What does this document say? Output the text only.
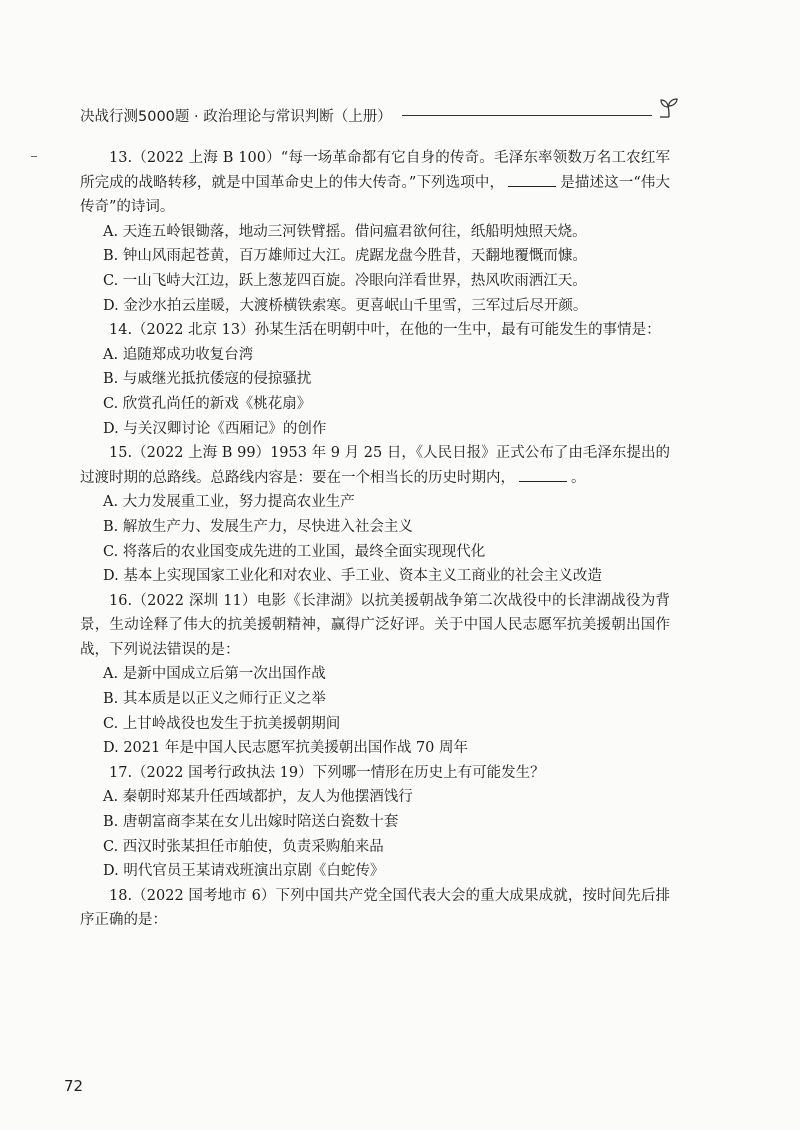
决战行测5000题 · 政治理论与常识判断（上册）

13.（2022 上海 B 100）“每一场革命都有它自身的传奇。毛泽东率领数万名工农红军所完成的战略转移，就是中国革命史上的伟大传奇。”下列选项中，	是描述这一“伟大传奇”的诗词。

A. 天连五岭银锄落，地动三河铁臂摇。借问瘟君欲何往，纸船明烛照天烧。

B. 钟山风雨起苍黄，百万雄师过大江。虎踞龙盘今胜昔，天翻地覆慨而慷。

C. 一山飞峙大江边，跃上葱茏四百旋。冷眼向洋看世界，热风吹雨洒江天。

D. 金沙水拍云崖暖，大渡桥横铁索寒。更喜岷山千里雪，三军过后尽开颜。

14.（2022 北京 13）孙某生活在明朝中叶，在他的一生中，最有可能发生的事情是：

A. 追随郑成功收复台湾

B. 与戚继光抵抗倭寇的侵掠骚扰

C. 欣赏孔尚任的新戏《桃花扇》

D. 与关汉卿讨论《西厢记》的创作

15.（2022 上海 B 99）1953 年 9 月 25 日，《人民日报》正式公布了由毛泽东提出的过渡时期的总路线。总路线内容是：要在一个相当长的历史时期内，	。

A. 大力发展重工业，努力提高农业生产

B. 解放生产力、发展生产力，尽快进入社会主义

C. 将落后的农业国变成先进的工业国，最终全面实现现代化

D. 基本上实现国家工业化和对农业、手工业、资本主义工商业的社会主义改造

16.（2022 深圳 11）电影《长津湖》以抗美援朝战争第二次战役中的长津湖战役为背景，生动诠释了伟大的抗美援朝精神，赢得广泛好评。关于中国人民志愿军抗美援朝出国作战，下列说法错误的是：

A. 是新中国成立后第一次出国作战

B. 其本质是以正义之师行正义之举

C. 上甘岭战役也发生于抗美援朝期间

D. 2021 年是中国人民志愿军抗美援朝出国作战 70 周年

17.（2022 国考行政执法 19）下列哪一情形在历史上有可能发生？

A. 秦朝时郑某升任西域都护，友人为他摆酒饯行

B. 唐朝富商李某在女儿出嫁时陪送白瓷数十套

C. 西汉时张某担任市舶使，负责采购舶来品

D. 明代官员王某请戏班演出京剧《白蛇传》

18.（2022 国考地市 6）下列中国共产党全国代表大会的重大成果成就，按时间先后排序正确的是：

72
